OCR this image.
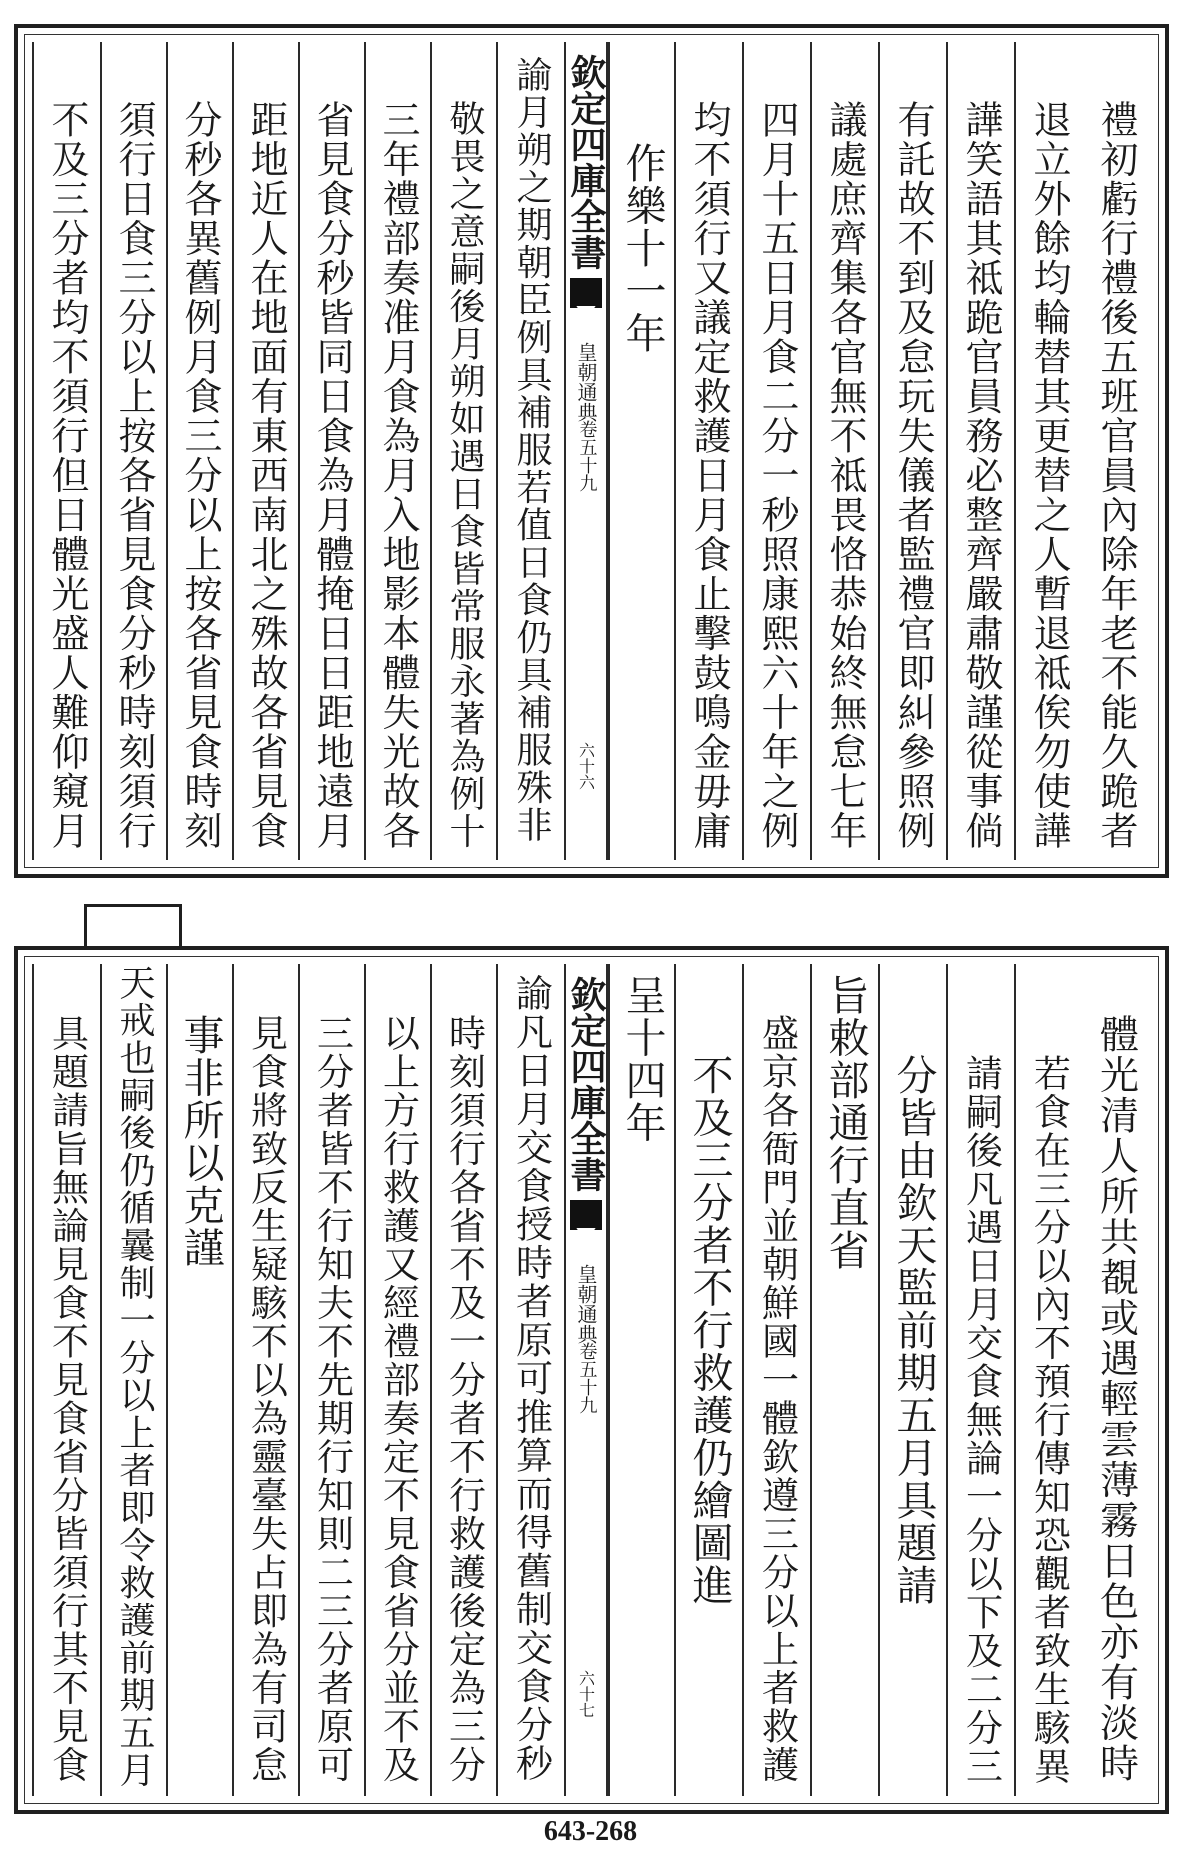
禮初虧行禮後五班官員內除年老不能久跪者
退立外餘均輪替其更替之人暫退祗俟勿使譁
譁笑語其祗跪官員務必整齊嚴肅敬謹從事倘
有託故不到及怠玩失儀者監禮官即糾參照例
議處庶齊集各官無不祗畏恪恭始終無怠七年
四月十五日月食二分一秒照康熙六十年之例
均不須行又議定救護日月食止擊鼓鳴金毋庸
作樂十一年
欽定四庫全書
皇朝通典
卷五十九
六十六
諭月朔之期朝臣例具補服若值日食仍具補服殊非
敬畏之意嗣後月朔如遇日食皆常服永著為例十
三年禮部奏准月食為月入地影本體失光故各
省見食分秒皆同日食為月體掩日日距地遠月
距地近人在地面有東西南北之殊故各省見食
分秒各異舊例月食三分以上按各省見食時刻
須行日食三分以上按各省見食分秒時刻須行
不及三分者均不須行但日體光盛人難仰窺月
體光清人所共覩或遇輕雲薄霧日色亦有淡時
若食在三分以內不預行傳知恐觀者致生駭異
請嗣後凡遇日月交食無論一分以下及二分三
分皆由欽天監前期五月具題請
旨敕部通行直省
盛京各衙門並朝鮮國一體欽遵三分以上者救護
不及三分者不行救護仍繪圖進
呈十四年
欽定四庫全書
皇朝通典
卷五十九
六十七
諭凡日月交食授時者原可推算而得舊制交食分秒
時刻須行各省不及一分者不行救護後定為三分
以上方行救護又經禮部奏定不見食省分並不及
三分者皆不行知夫不先期行知則二三分者原可
見食將致反生疑駭不以為靈臺失占即為有司怠
事非所以克謹
天戒也嗣後仍循曩制一分以上者即令救護前期五月
具題請旨無論見食不見食省分皆須行其不見食
643-268
